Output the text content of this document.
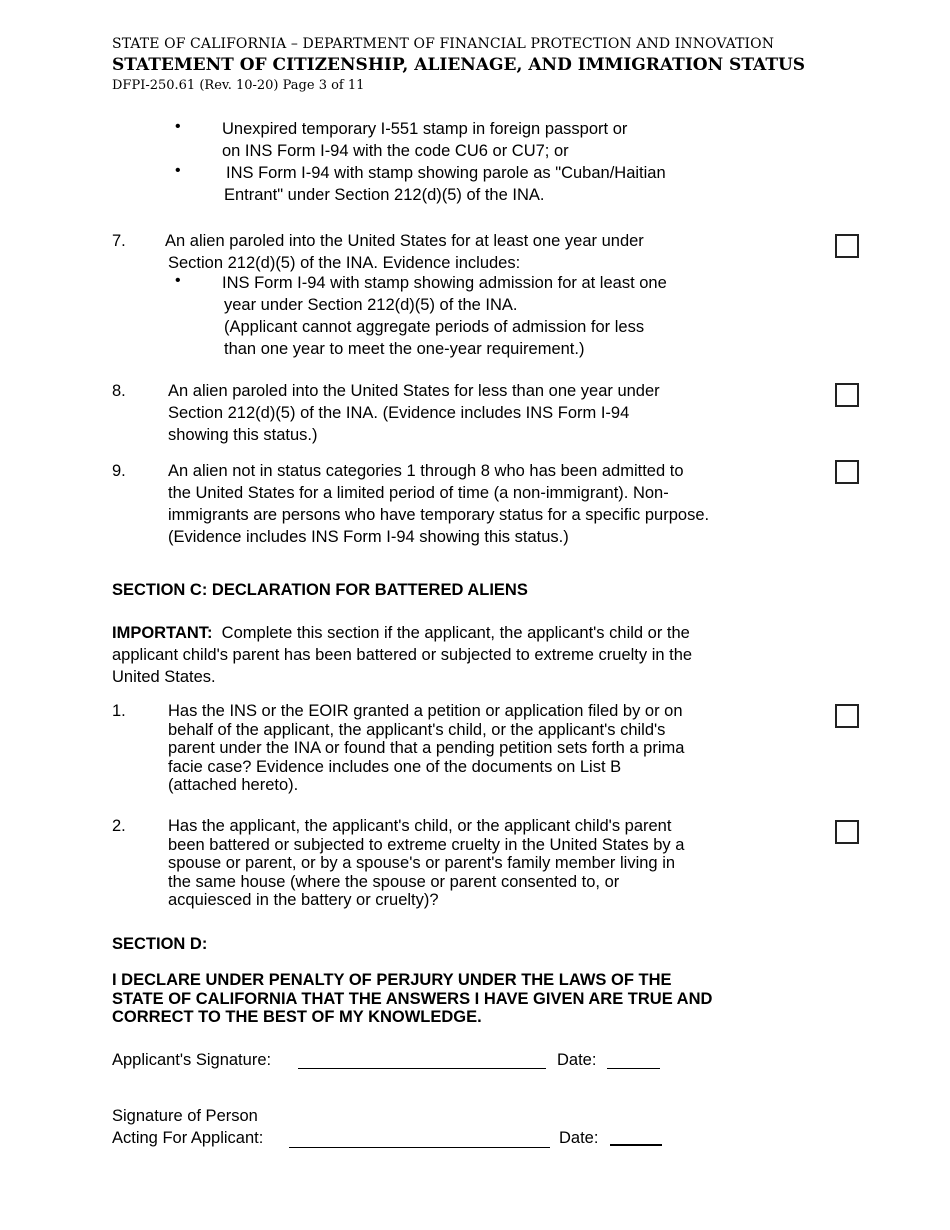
STATE OF CALIFORNIA – DEPARTMENT OF FINANCIAL PROTECTION AND INNOVATION
STATEMENT OF CITIZENSHIP, ALIENAGE, AND IMMIGRATION STATUS
DFPI-250.61 (Rev. 10-20) Page 3 of 11
•	Unexpired temporary I-551 stamp in foreign passport or
on INS Form I-94 with the code CU6 or CU7; or
•	INS Form I-94 with stamp showing parole as "Cuban/Haitian
Entrant" under Section 212(d)(5) of the INA.
7. An alien paroled into the United States for at least one year under
Section 212(d)(5) of the INA. Evidence includes:
•	INS Form I-94 with stamp showing admission for at least one
year under Section 212(d)(5) of the INA.
(Applicant cannot aggregate periods of admission for less
than one year to meet the one-year requirement.)
8.	An alien paroled into the United States for less than one year under
Section 212(d)(5) of the INA. (Evidence includes INS Form I-94
showing this status.)
9.	An alien not in status categories 1 through 8 who has been admitted to
the United States for a limited period of time (a non-immigrant). Non-
immigrants are persons who have temporary status for a specific purpose.
(Evidence includes INS Form I-94 showing this status.)
SECTION C: DECLARATION FOR BATTERED ALIENS
IMPORTANT:  Complete this section if the applicant, the applicant's child or the
applicant child's parent has been battered or subjected to extreme cruelty in the
United States.
1.	Has the INS or the EOIR granted a petition or application filed by or on
behalf of the applicant, the applicant's child, or the applicant's child's
parent under the INA or found that a pending petition sets forth a prima
facie case? Evidence includes one of the documents on List B
(attached hereto).
2.	Has the applicant, the applicant's child, or the applicant child's parent
been battered or subjected to extreme cruelty in the United States by a
spouse or parent, or by a spouse's or parent's family member living in
the same house (where the spouse or parent consented to, or
acquiesced in the battery or cruelty)?
SECTION D:
I DECLARE UNDER PENALTY OF PERJURY UNDER THE LAWS OF THE
STATE OF CALIFORNIA THAT THE ANSWERS I HAVE GIVEN ARE TRUE AND
CORRECT TO THE BEST OF MY KNOWLEDGE.
Applicant's Signature:	Date:
Signature of Person
Acting For Applicant:	Date:
